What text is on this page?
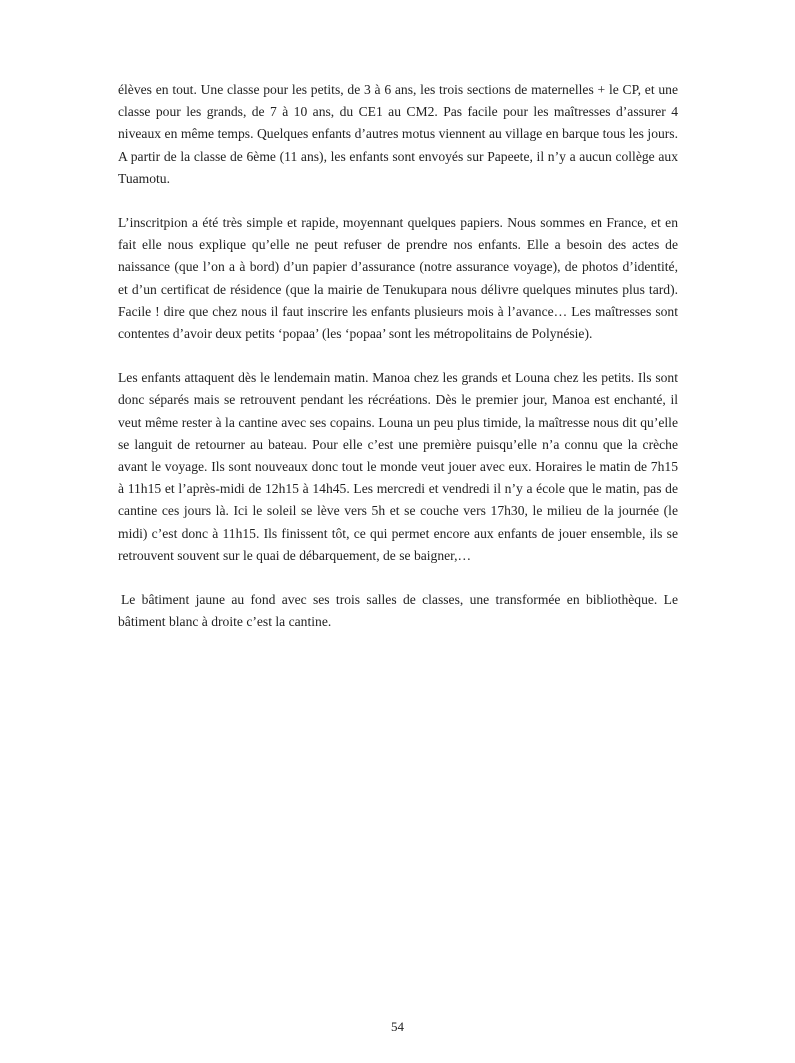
élèves en tout. Une classe pour les petits, de 3 à 6 ans, les trois sections de maternelles + le CP, et une classe pour les grands, de 7 à 10 ans, du CE1 au CM2. Pas facile pour les maîtresses d’assurer 4 niveaux en même temps. Quelques enfants d’autres motus viennent au village en barque tous les jours. A partir de la classe de 6ème (11 ans), les enfants sont envoyés sur Papeete, il n’y a aucun collège aux Tuamotu.

L’inscritpion a été très simple et rapide, moyennant quelques papiers. Nous sommes en France, et en fait elle nous explique qu’elle ne peut refuser de prendre nos enfants. Elle a besoin des actes de naissance (que l’on a à bord) d’un papier d’assurance (notre assurance voyage), de photos d’identité, et d’un certificat de résidence (que la mairie de Tenukupara nous délivre quelques minutes plus tard). Facile ! dire que chez nous il faut inscrire les enfants plusieurs mois à l’avance… Les maîtresses sont contentes d’avoir deux petits ‘popaa’ (les ‘popaa’ sont les métropolitains de Polynésie).

Les enfants attaquent dès le lendemain matin. Manoa chez les grands et Louna chez les petits. Ils sont donc séparés mais se retrouvent pendant les récréations. Dès le premier jour, Manoa est enchanté, il veut même rester à la cantine avec ses copains. Louna un peu plus timide, la maîtresse nous dit qu’elle se languit de retourner au bateau. Pour elle c’est une première puisqu’elle n’a connu que la crèche avant le voyage. Ils sont nouveaux donc tout le monde veut jouer avec eux. Horaires le matin de 7h15 à 11h15 et l’après-midi de 12h15 à 14h45. Les mercredi et vendredi il n’y a école que le matin, pas de cantine ces jours là. Ici le soleil se lève vers 5h et se couche vers 17h30, le milieu de la journée (le midi) c’est donc à 11h15. Ils finissent tôt, ce qui permet encore aux enfants de jouer ensemble, ils se retrouvent souvent sur le quai de débarquement, de se baigner,…

Le bâtiment jaune au fond avec ses trois salles de classes, une transformée en bibliothèque. Le bâtiment blanc à droite c’est la cantine.

54
